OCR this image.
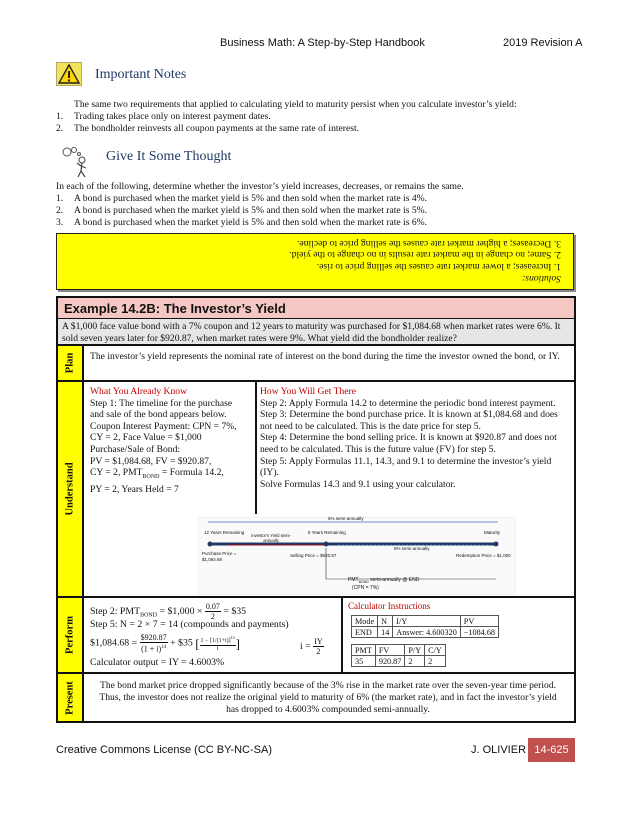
Business Math: A Step-by-Step Handbook	2019 Revision A
Important Notes
The same two requirements that applied to calculating yield to maturity persist when you calculate investor’s yield:
1. Trading takes place only on interest payment dates.
2. The bondholder reinvests all coupon payments at the same rate of interest.
Give It Some Thought
In each of the following, determine whether the investor’s yield increases, decreases, or remains the same.
1. A bond is purchased when the market yield is 5% and then sold when the market rate is 4%.
2. A bond is purchased when the market yield is 5% and then sold when the market rate is 5%.
3. A bond is purchased when the market yield is 5% and then sold when the market rate is 6%.
Solutions:
1. Increases; a lower market rate causes the selling price to rise.
2. Same; no change in the market rate results in no change to the yield.
3. Decreases; a higher market rate causes the selling price to decline.
Example 14.2B: The Investor’s Yield
A $1,000 face value bond with a 7% coupon and 12 years to maturity was purchased for $1,084.68 when market rates were 6%. It sold seven years later for $920.87, when market rates were 9%. What yield did the bondholder realize?
Plan
Understand
Perform
Present
The investor’s yield represents the nominal rate of interest on the bond during the time the investor owned the bond, or IY.
What You Already Know
Step 1: The timeline for the purchase
and sale of the bond appears below.
Coupon Interest Payment: CPN = 7%,
CY = 2, Face Value = $1,000
Purchase/Sale of Bond:
PV = $1,084.68, FV = $920.87,
CY = 2, $PMT_{BOND}$ = Formula 14.2,
PY = 2, Years Held = 7
How You Will Get There
Step 2: Apply Formula 14.2 to determine the periodic bond interest payment.
Step 3: Determine the bond purchase price. It is known at $1,084.68 and does not need to be calculated. This is the date price for step 5.
Step 4: Determine the bond selling price. It is known at $920.87 and does not need to be calculated. This is the future value (FV) for step 5.
Step 5: Apply Formulas 11.1, 14.3, and 9.1 to determine the investor’s yield (IY).
Solve Formulas 14.3 and 9.1 using your calculator.
5% semi-annually
12 Years Remaining
Investor’s Yield semi-annually
5 Years Remaining	Maturity
9% semi-annually
Purchase Price =
$1,084.68
Selling Price = $920.87	Redemption Price = $1,000
$PMT_{BOND}$ semi-annually @ END
(CPN = 7%)
Step 2: $PMT_{BOND}$ = $1,000 × $\frac{0.07}{2}$ = $35
Step 5: N = 2 × 7 = 14 (compounds and payments)
$1,084.68 = $\frac{\$920.87}{(1 + i)^{14}}$ + $35 [ $\frac{1 - [1/(1+i)]^{14}}{i}$ ]	$i = \frac{IY}{2}$
Calculator output = IY = 4.6003%
Calculator Instructions
Mode	N	I/Y	PV
END	14	Answer: 4.600320	−1084.68
PMT	FV	P/Y	C/Y
35	920.87	2	2
The bond market price dropped significantly because of the 3% rise in the market rate over the seven-year time period. Thus, the investor does not realize the original yield to maturity of 6% (the market rate), and in fact the investor’s yield has dropped to 4.6003% compounded semi-annually.
Creative Commons License (CC BY-NC-SA)	J. OLIVIER 14-625
